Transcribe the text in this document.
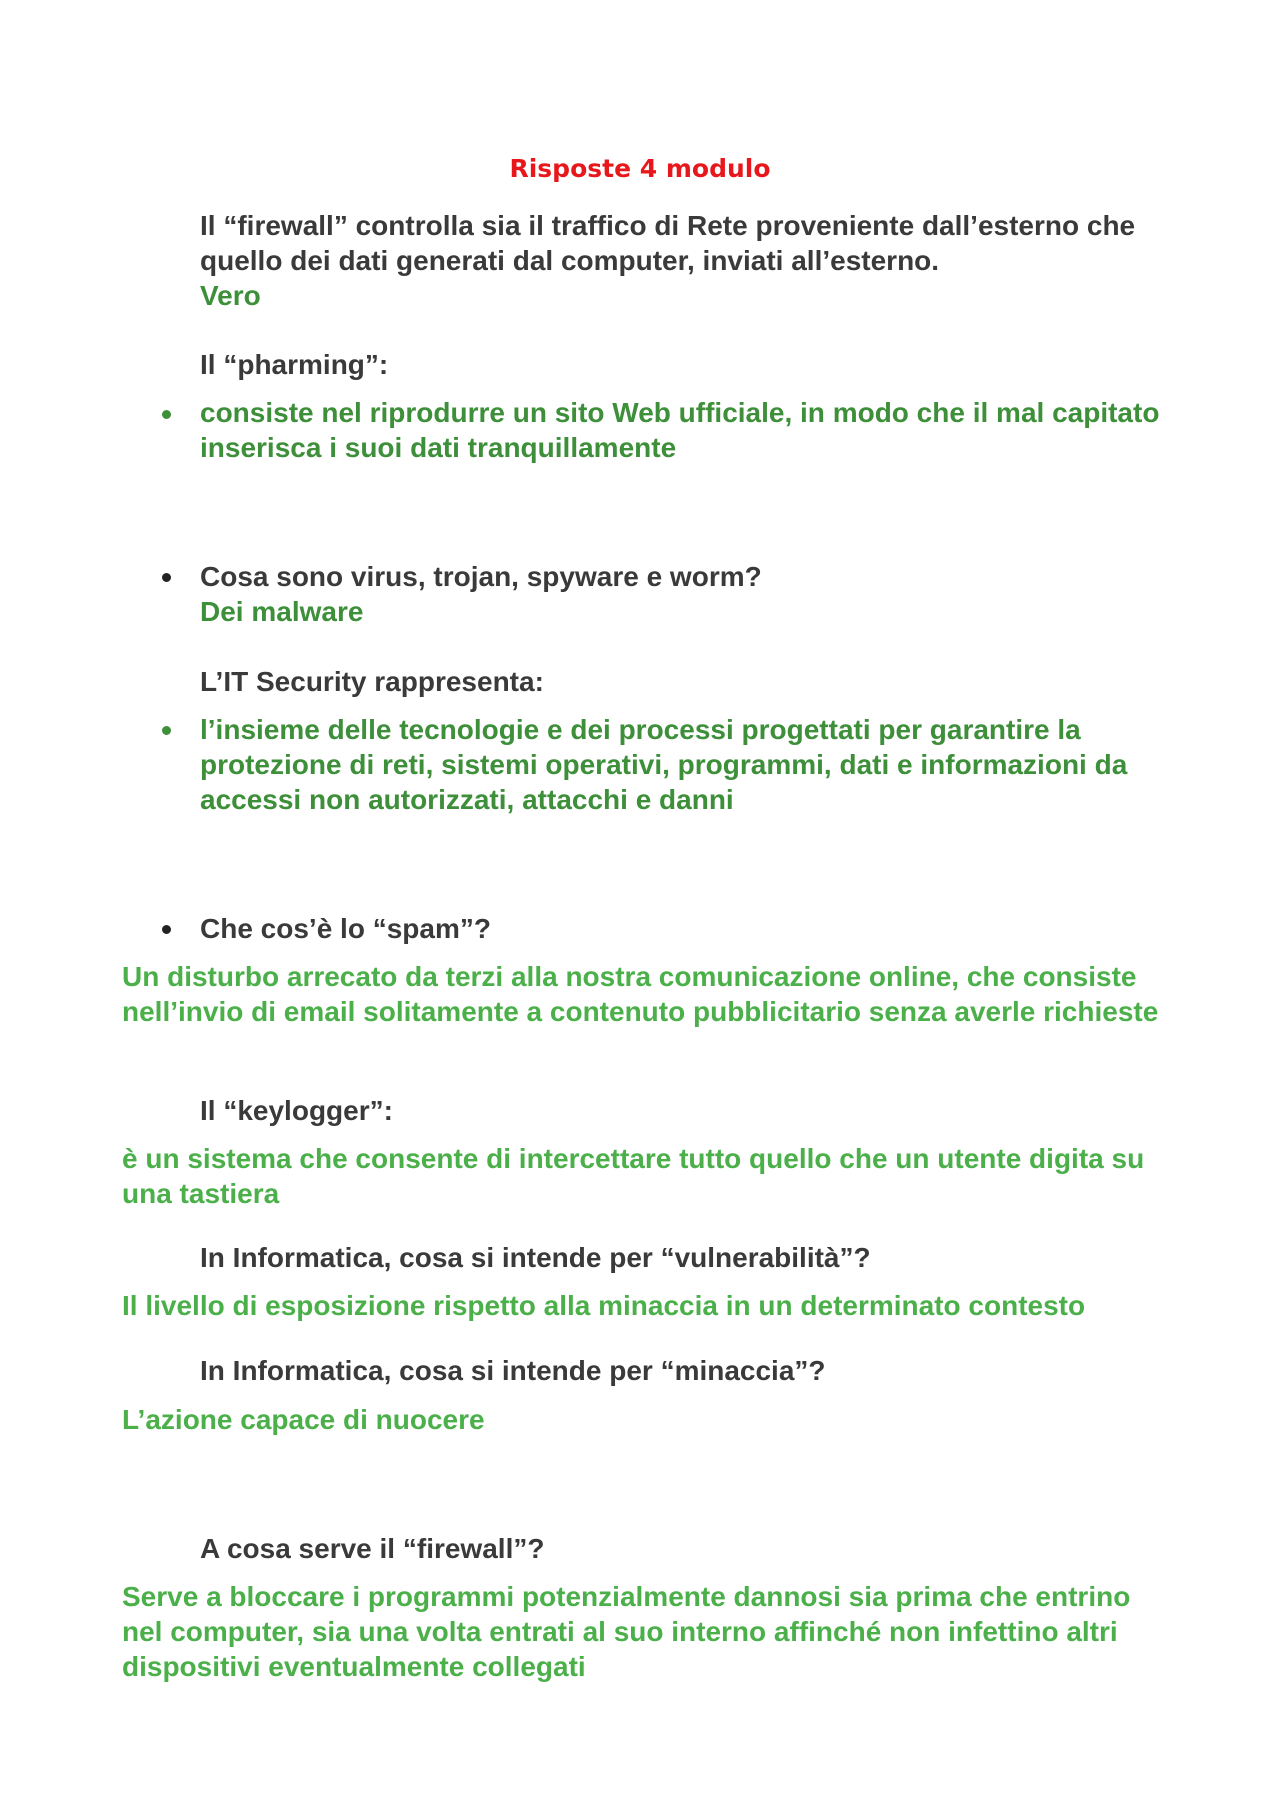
Risposte 4 modulo

Il “firewall” controlla sia il traffico di Rete proveniente dall’esterno che quello dei dati generati dal computer, inviati all’esterno.

Vero

Il “pharming”:

consiste nel riprodurre un sito Web ufficiale, in modo che il mal capitato inserisca i suoi dati tranquillamente

Cosa sono virus, trojan, spyware e worm?

Dei malware

L’IT Security rappresenta:

l’insieme delle tecnologie e dei processi progettati per garantire la protezione di reti, sistemi operativi, programmi, dati e informazioni da accessi non autorizzati, attacchi e danni

Che cos’è lo “spam”?

Un disturbo arrecato da terzi alla nostra comunicazione online, che consiste nell’invio di email solitamente a contenuto pubblicitario senza averle richieste

Il “keylogger”:

è un sistema che consente di intercettare tutto quello che un utente digita su una tastiera

In Informatica, cosa si intende per “vulnerabilità”?

Il livello di esposizione rispetto alla minaccia in un determinato contesto

In Informatica, cosa si intende per “minaccia”?

L’azione capace di nuocere

A cosa serve il “firewall”?

Serve a bloccare i programmi potenzialmente dannosi sia prima che entrino nel computer, sia una volta entrati al suo interno affinché non infettino altri dispositivi eventualmente collegati
